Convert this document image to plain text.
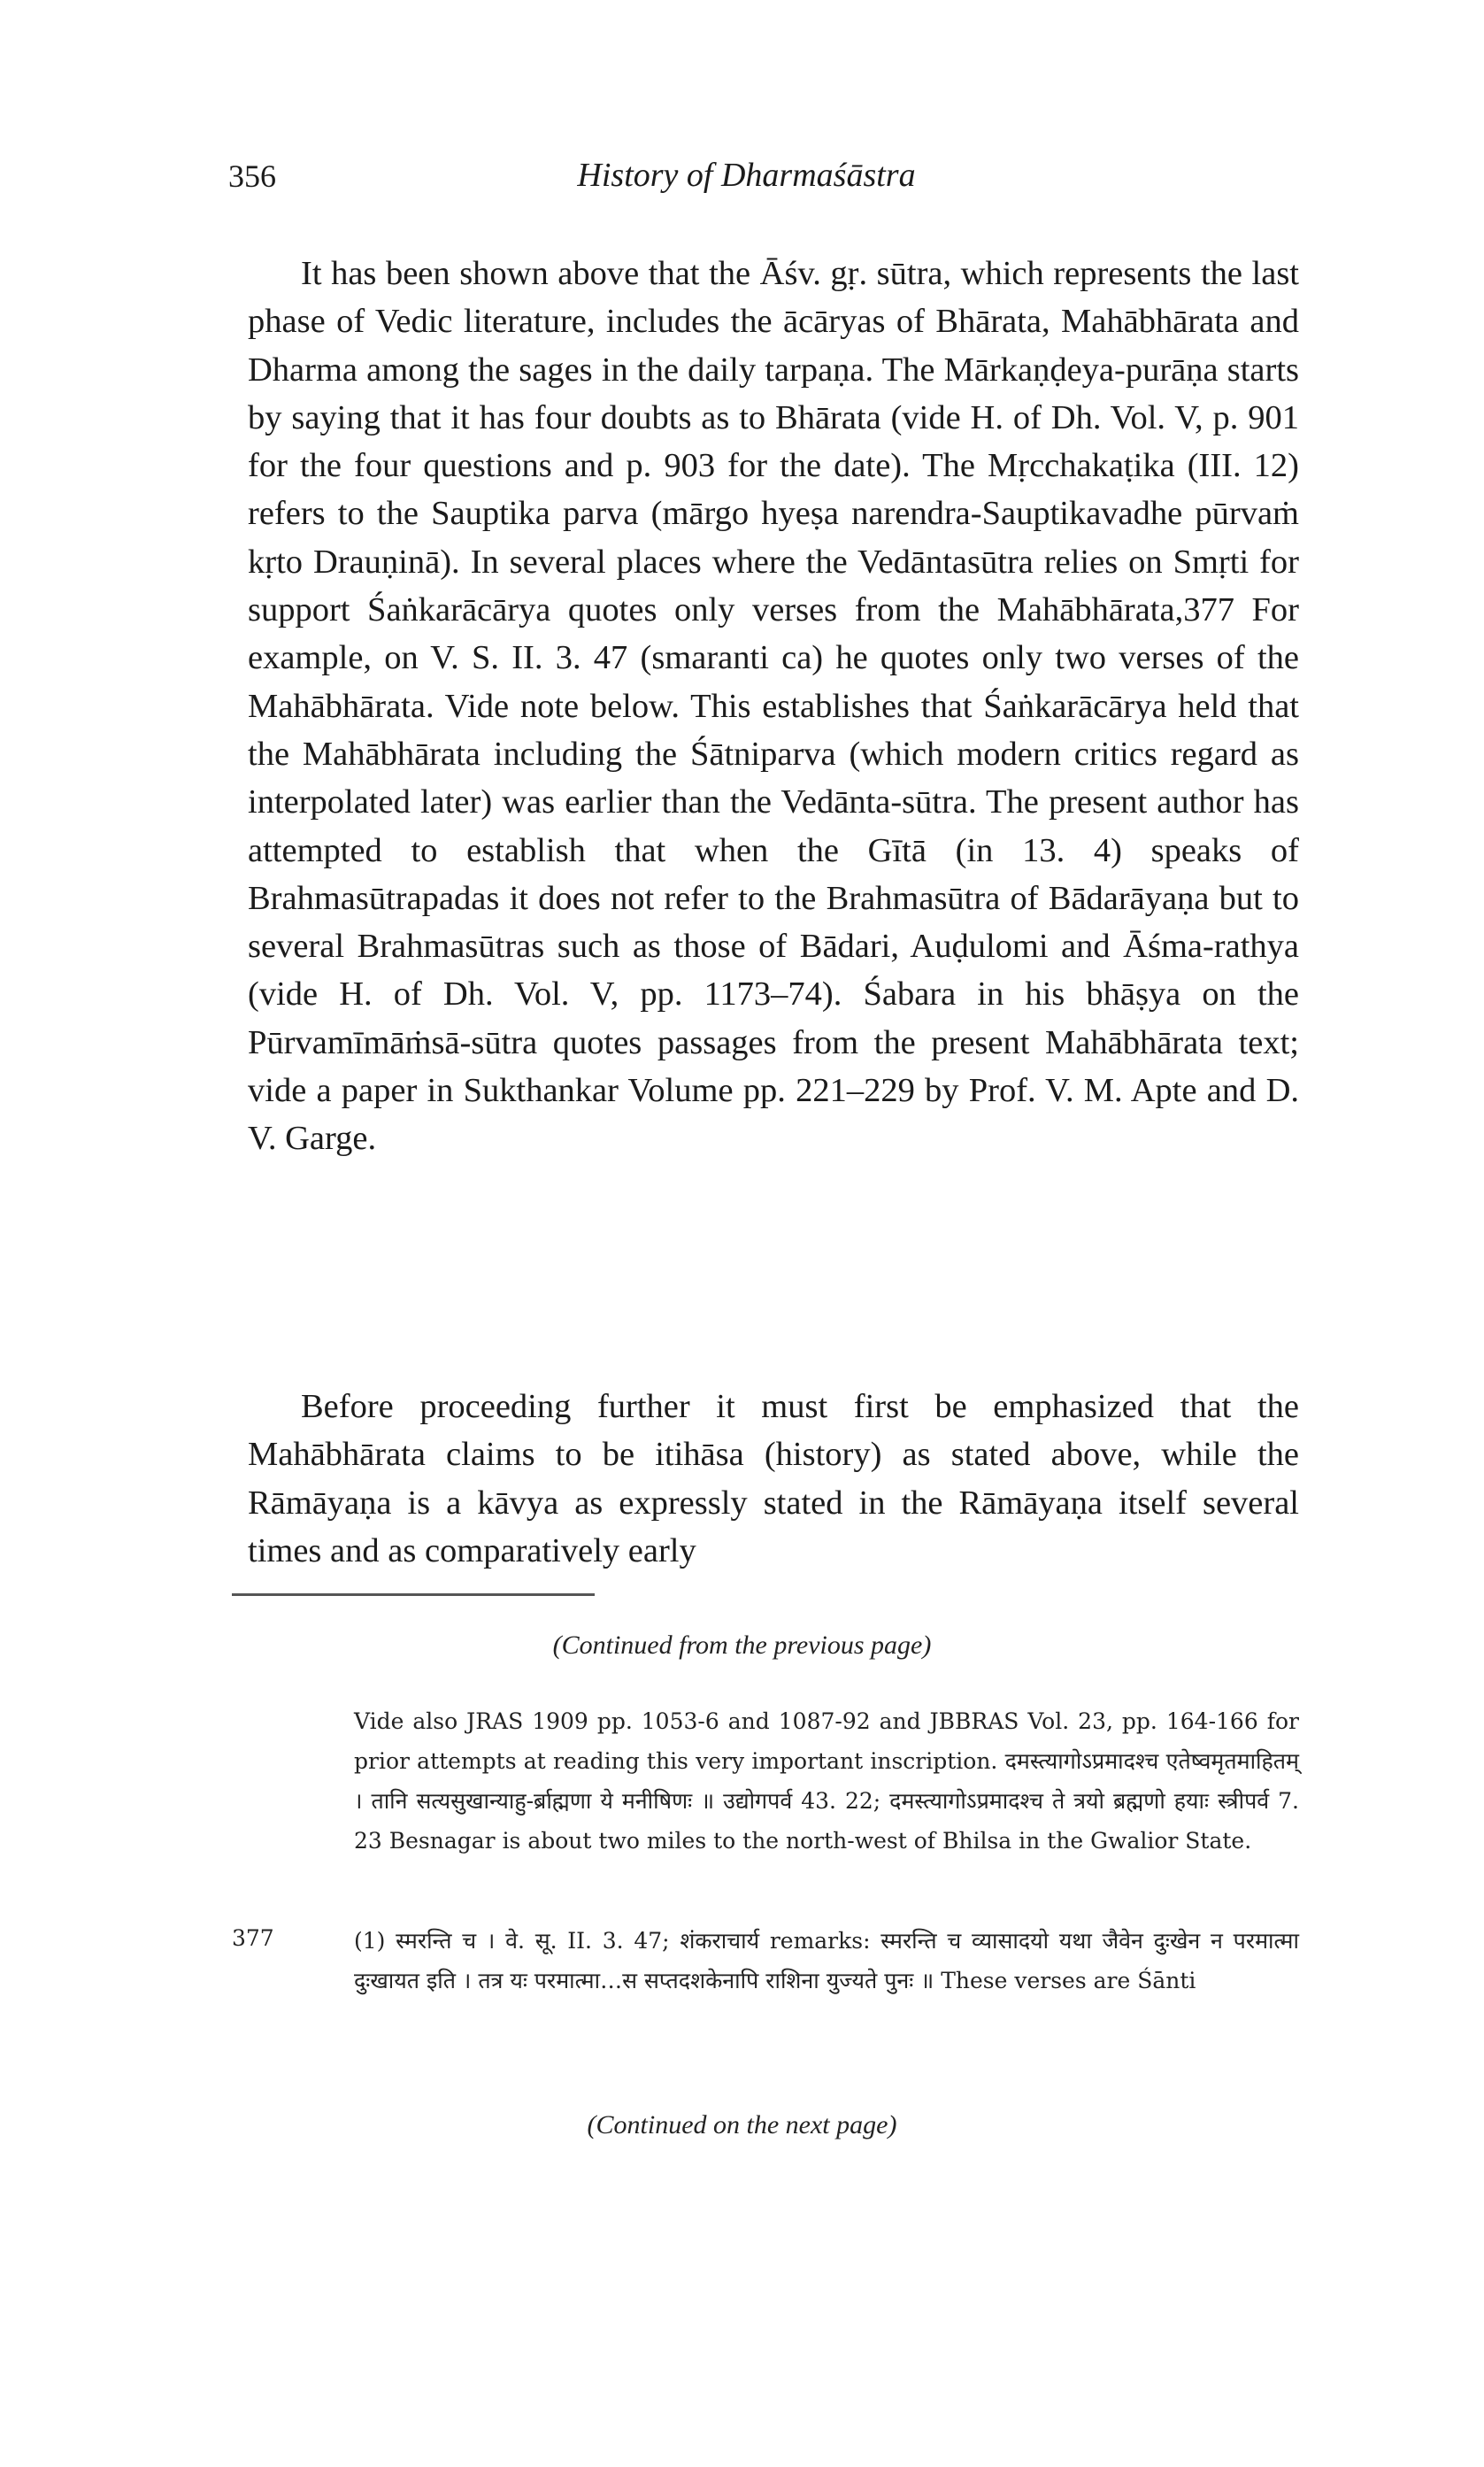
356	History of Dharmaśāstra

It has been shown above that the Āśv. gṛ. sūtra, which represents the last phase of Vedic literature, includes the ācāryas of Bhārata, Mahābhārata and Dharma among the sages in the daily tarpaṇa. The Mārkaṇḍeya-purāṇa starts by saying that it has four doubts as to Bhārata (vide H. of Dh. Vol. V, p. 901 for the four questions and p. 903 for the date). The Mṛcchakaṭika (III. 12) refers to the Sauptika parva (mārgo hyeṣa narendra-Sauptikavadhe pūrvaṁ kṛto Drauṇinā). In several places where the Vedāntasūtra relies on Smṛti for support Śaṅkarācārya quotes only verses from the Mahābhārata,377 For example, on V. S. II. 3. 47 (smaranti ca) he quotes only two verses of the Mahābhārata. Vide note below. This establishes that Śaṅkarācārya held that the Mahābhārata including the Śātniparva (which modern critics regard as interpolated later) was earlier than the Vedānta-sūtra. The present author has attempted to establish that when the Gītā (in 13. 4) speaks of Brahmasūtrapadas it does not refer to the Brahmasūtra of Bādarāyaṇa but to several Brahmasūtras such as those of Bādari, Auḍulomi and Āśma-rathya (vide H. of Dh. Vol. V, pp. 1173–74). Śabara in his bhāṣya on the Pūrvamīmāṁsā-sūtra quotes passages from the present Mahābhārata text; vide a paper in Sukthankar Volume pp. 221–229 by Prof. V. M. Apte and D. V. Garge.

Before proceeding further it must first be emphasized that the Mahābhārata claims to be itihāsa (history) as stated above, while the Rāmāyaṇa is a kāvya as expressly stated in the Rāmāyaṇa itself several times and as comparatively early

(Continued from the previous page)
Vide also JRAS 1909 pp. 1053-6 and 1087-92 and JBBRAS Vol. 23, pp. 164-166 for prior attempts at reading this very important inscription. दमस्त्यागोऽप्रमादश्च एतेष्वमृतमाहितम् । तानि सत्यसुखान्याहु-र्ब्राह्मणा ये मनीषिणः ॥ उद्योगपर्व 43. 22; दमस्त्यागोऽप्रमादश्च ते त्रयो ब्रह्मणो हयाः स्त्रीपर्व 7. 23 Besnagar is about two miles to the north-west of Bhilsa in the Gwalior State.
377	(1) स्मरन्ति च । वे. सू. II. 3. 47; शंकराचार्य remarks: स्मरन्ति च व्यासादयो यथा जैवेन दुःखेन न परमात्मा दुःखायत इति । तत्र यः परमात्मा…स सप्तदशकेनापि राशिना युज्यते पुनः ॥ These verses are Śānti
(Continued on the next page)
